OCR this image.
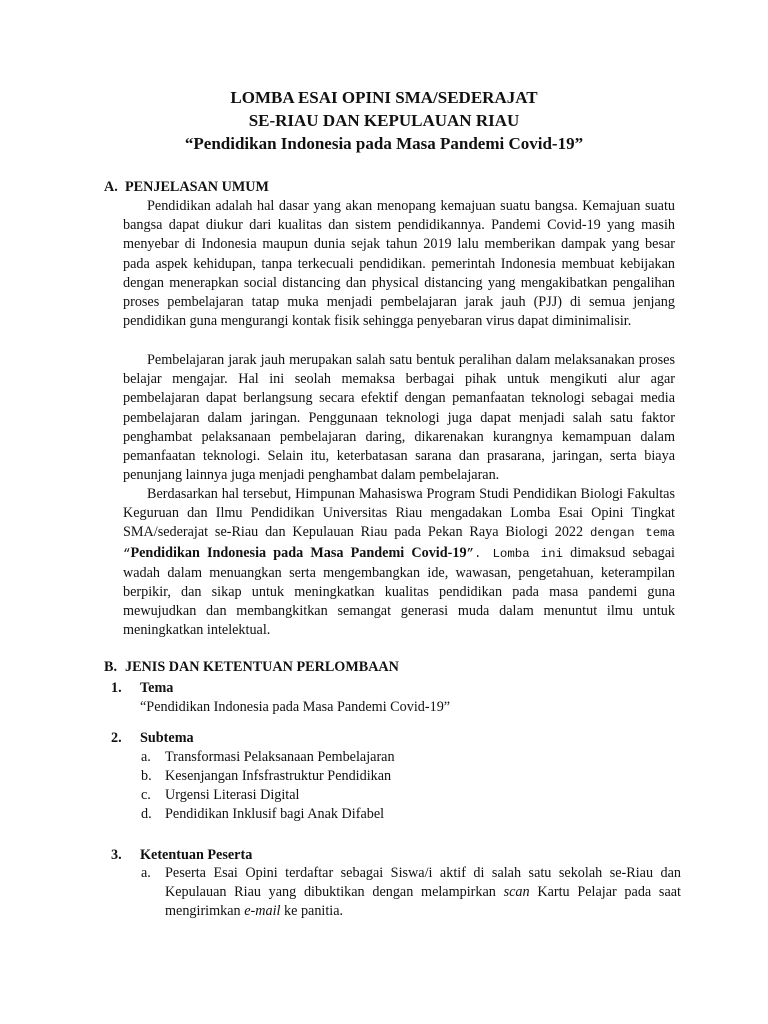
LOMBA ESAI OPINI SMA/SEDERAJAT
SE-RIAU DAN KEPULAUAN RIAU
“Pendidikan Indonesia pada Masa Pandemi Covid-19”
A. PENJELASAN UMUM

Pendidikan adalah hal dasar yang akan menopang kemajuan suatu bangsa. Kemajuan suatu bangsa dapat diukur dari kualitas dan sistem pendidikannya. Pandemi Covid-19 yang masih menyebar di Indonesia maupun dunia sejak tahun 2019 lalu memberikan dampak yang besar pada aspek kehidupan, tanpa terkecuali pendidikan. pemerintah Indonesia membuat kebijakan dengan menerapkan social distancing dan physical distancing yang mengakibatkan pengalihan proses pembelajaran tatap muka menjadi pembelajaran jarak jauh (PJJ) di semua jenjang pendidikan guna mengurangi kontak fisik sehingga penyebaran virus dapat diminimalisir.

Pembelajaran jarak jauh merupakan salah satu bentuk peralihan dalam melaksanakan proses belajar mengajar. Hal ini seolah memaksa berbagai pihak untuk mengikuti alur agar pembelajaran dapat berlangsung secara efektif dengan pemanfaatan teknologi sebagai media pembelajaran dalam jaringan. Penggunaan teknologi juga dapat menjadi salah satu faktor penghambat pelaksanaan pembelajaran daring, dikarenakan kurangnya kemampuan dalam pemanfaatan teknologi. Selain itu, keterbatasan sarana dan prasarana, jaringan, serta biaya penunjang lainnya juga menjadi penghambat dalam pembelajaran.

Berdasarkan hal tersebut, Himpunan Mahasiswa Program Studi Pendidikan Biologi Fakultas Keguruan dan Ilmu Pendidikan Universitas Riau mengadakan Lomba Esai Opini Tingkat SMA/sederajat se-Riau dan Kepulauan Riau pada Pekan Raya Biologi 2022 dengan tema “Pendidikan Indonesia pada Masa Pandemi Covid-19”. Lomba ini dimaksud sebagai wadah dalam menuangkan serta mengembangkan ide, wawasan, pengetahuan, keterampilan berpikir, dan sikap untuk meningkatkan kualitas pendidikan pada masa pandemi guna mewujudkan dan membangkitkan semangat generasi muda dalam menuntut ilmu untuk meningkatkan intelektual.

B. JENIS DAN KETENTUAN PERLOMBAAN
1. Tema
“Pendidikan Indonesia pada Masa Pandemi Covid-19”
2. Subtema
a. Transformasi Pelaksanaan Pembelajaran
b. Kesenjangan Infsfrastruktur Pendidikan
c. Urgensi Literasi Digital
d. Pendidikan Inklusif bagi Anak Difabel
3. Ketentuan Peserta
a. Peserta Esai Opini terdaftar sebagai Siswa/i aktif di salah satu sekolah se-Riau dan Kepulauan Riau yang dibuktikan dengan melampirkan scan Kartu Pelajar pada saat mengirimkan e-mail ke panitia.
